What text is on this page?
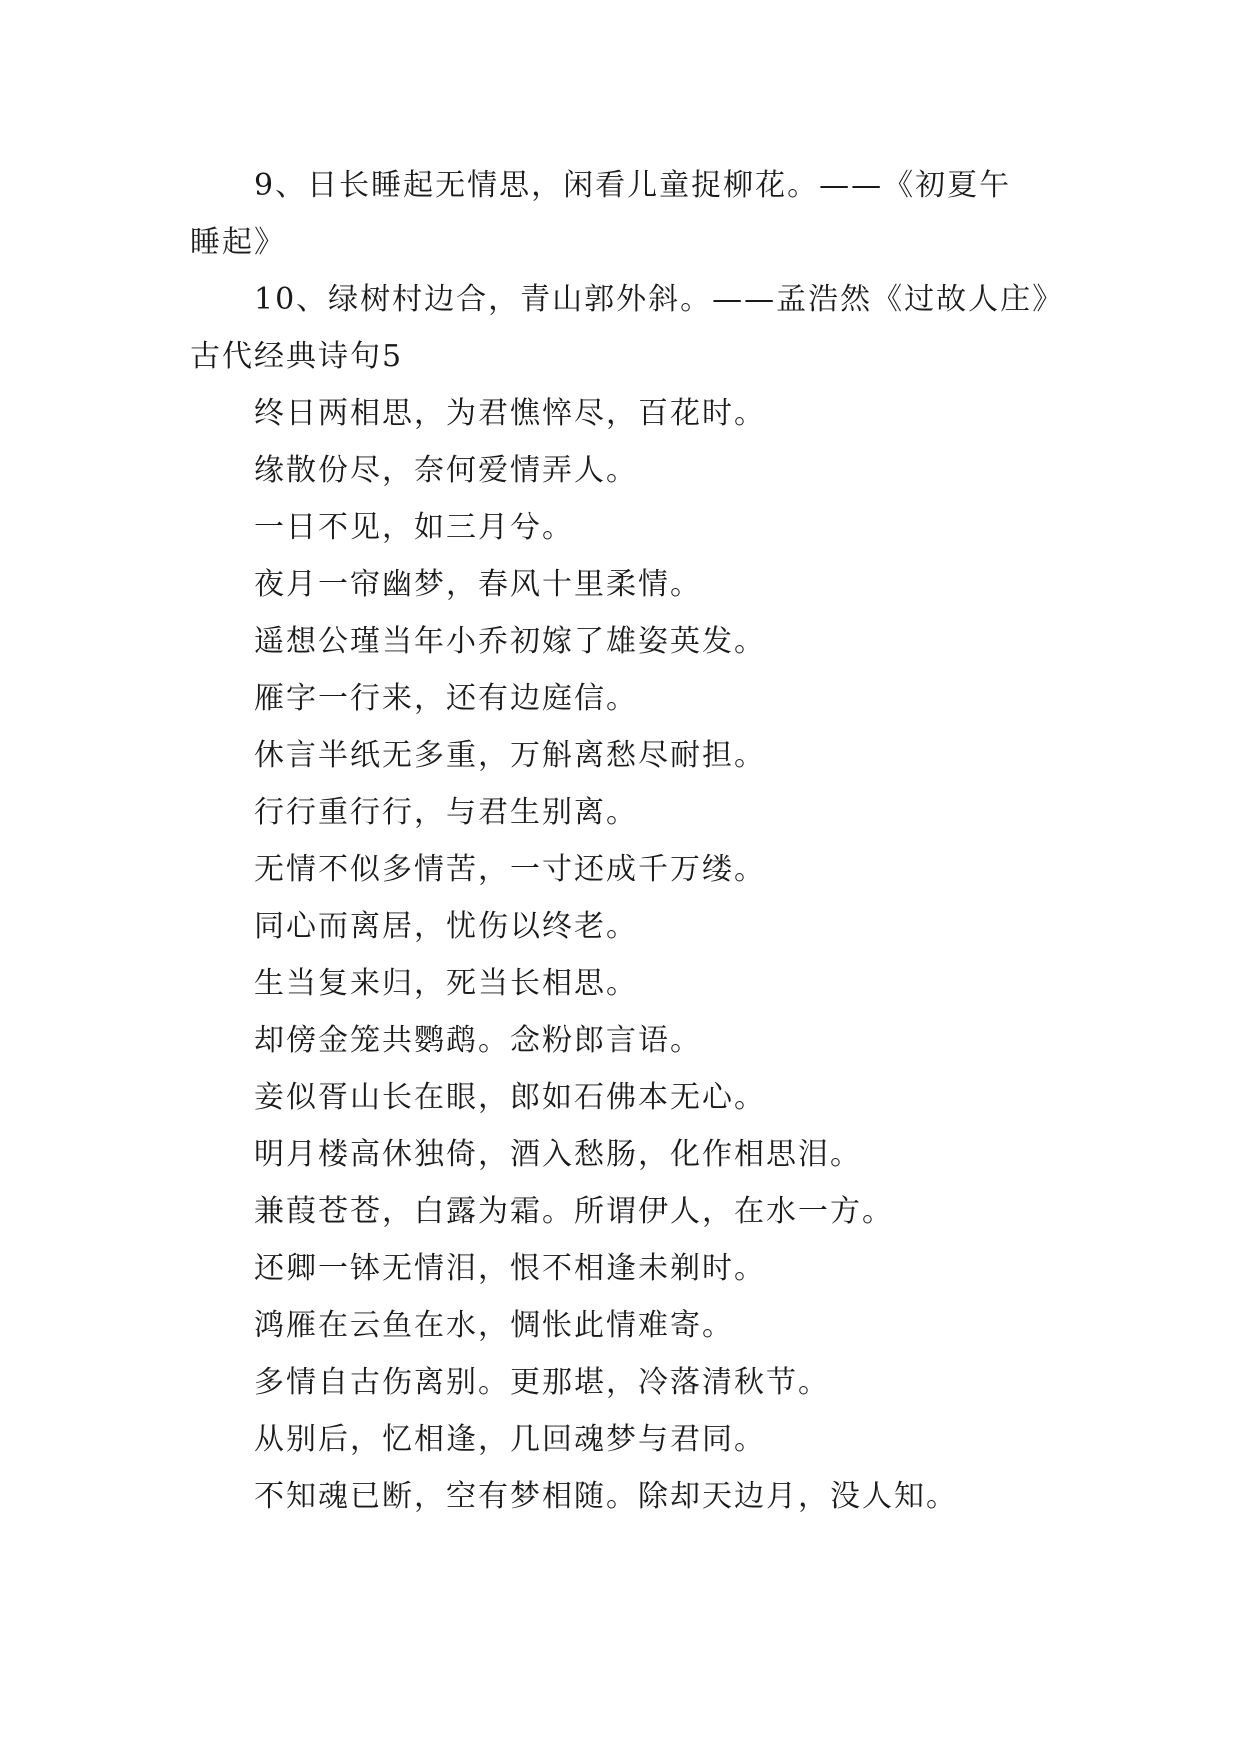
9、日长睡起无情思，闲看儿童捉柳花。——《初夏午
睡起》
10、绿树村边合，青山郭外斜。——孟浩然《过故人庄》
古代经典诗句5
终日两相思，为君憔悴尽，百花时。
缘散份尽，奈何爱情弄人。
一日不见，如三月兮。
夜月一帘幽梦，春风十里柔情。
遥想公瑾当年小乔初嫁了雄姿英发。
雁字一行来，还有边庭信。
休言半纸无多重，万斛离愁尽耐担。
行行重行行，与君生别离。
无情不似多情苦，一寸还成千万缕。
同心而离居，忧伤以终老。
生当复来归，死当长相思。
却傍金笼共鹦鹉。念粉郎言语。
妾似胥山长在眼，郎如石佛本无心。
明月楼高休独倚，酒入愁肠，化作相思泪。
兼葭苍苍，白露为霜。所谓伊人，在水一方。
还卿一钵无情泪，恨不相逢未剃时。
鸿雁在云鱼在水，惆怅此情难寄。
多情自古伤离别。更那堪，冷落清秋节。
从别后，忆相逢，几回魂梦与君同。
不知魂已断，空有梦相随。除却天边月，没人知。
